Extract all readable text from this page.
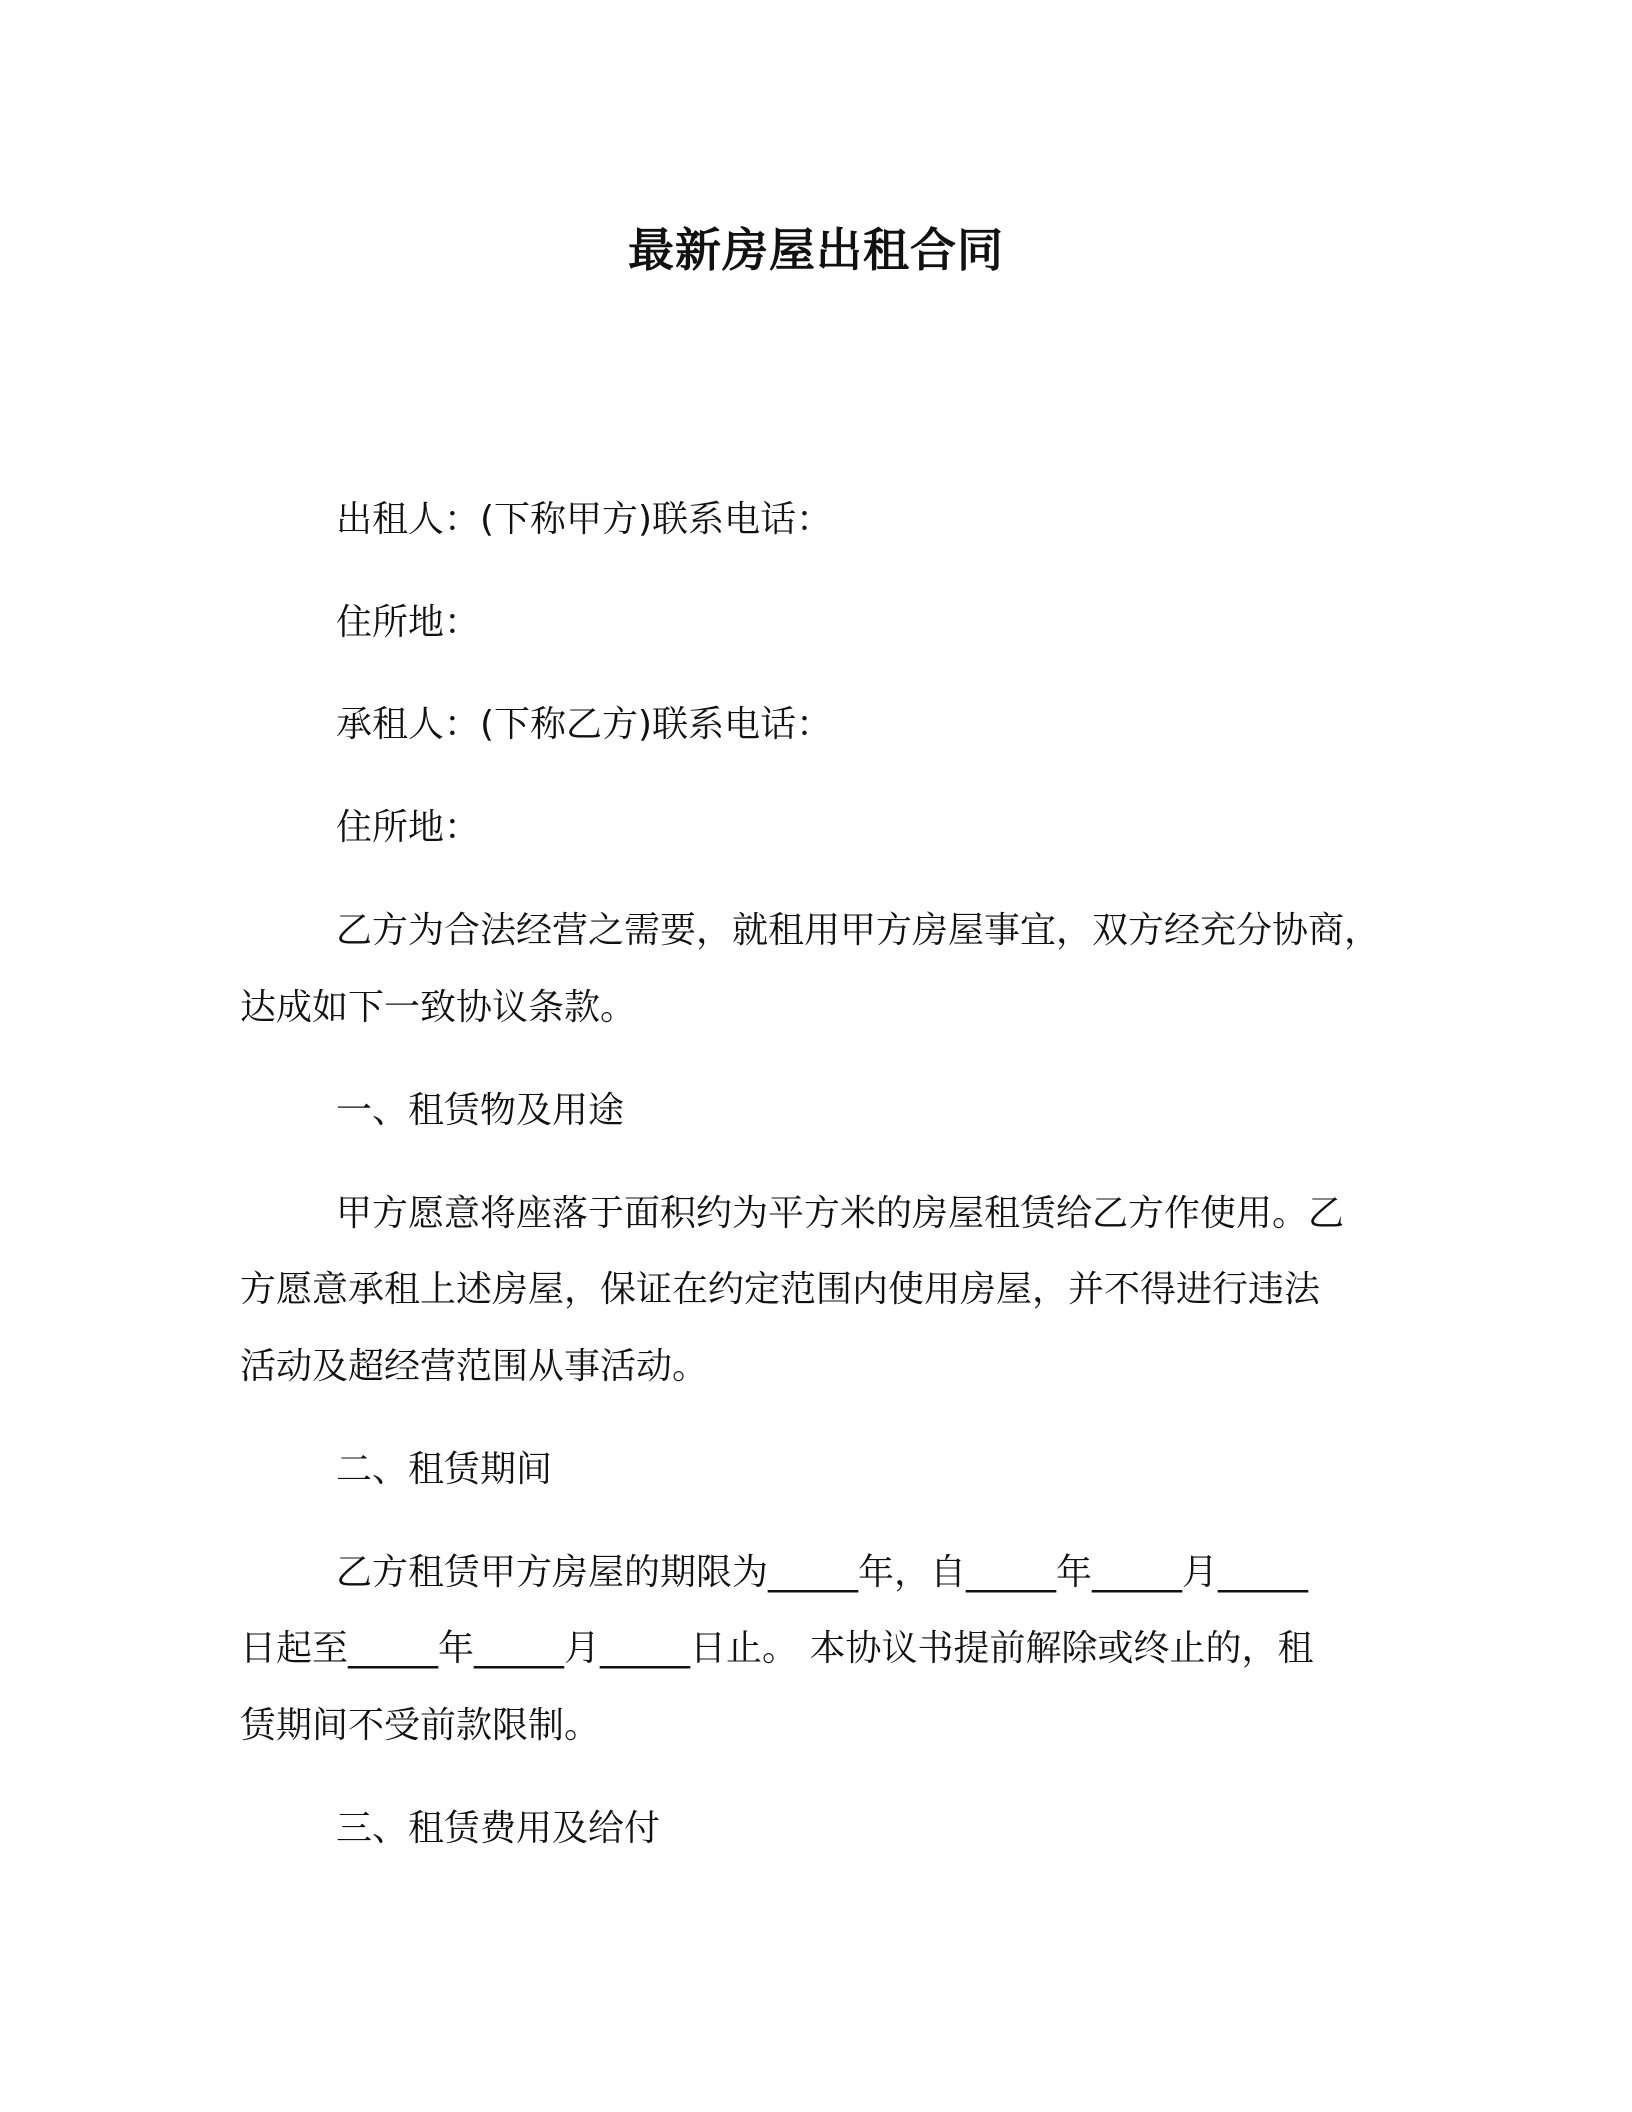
最新房屋出租合同

出租人：(下称甲方)联系电话：

住所地：

承租人：(下称乙方)联系电话：

住所地：

乙方为合法经营之需要，就租用甲方房屋事宜，双方经充分协商，

达成如下一致协议条款。

一、租赁物及用途

甲方愿意将座落于面积约为平方米的房屋租赁给乙方作使用。乙

方愿意承租上述房屋，保证在约定范围内使用房屋，并不得进行违法

活动及超经营范围从事活动。

二、租赁期间

乙方租赁甲方房屋的期限为_____年，自_____年_____月_____

日起至_____年_____月_____日止。 本协议书提前解除或终止的，租

赁期间不受前款限制。

三、租赁费用及给付
